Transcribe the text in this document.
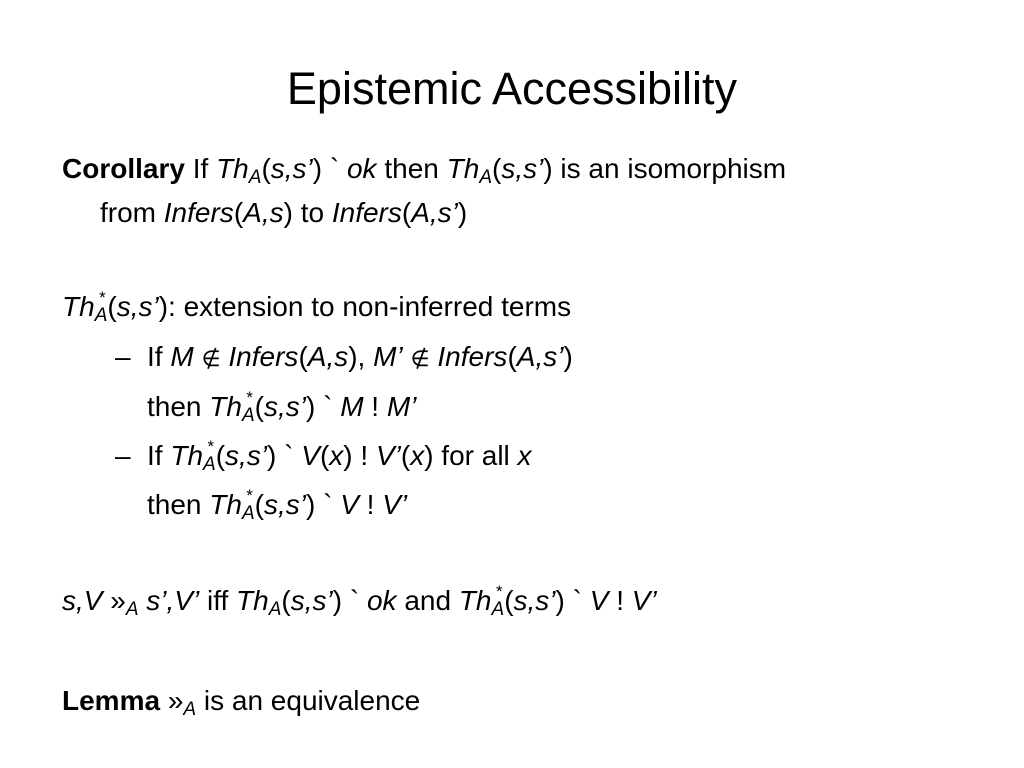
Epistemic Accessibility
Corollary If $Th_A(s,s’)$ ` ok then $Th_A(s,s’)$ is an isomorphism
from Infers(A,s) to Infers(A,s’)
$Th_A^*(s,s’)$: extension to non-inferred terms
– If M ∉ Infers(A,s), M’ ∉ Infers(A,s’)
then $Th_A^*(s,s’)$ ` M ! M’
– If $Th_A^*(s,s’)$ ` V(x) ! V’(x) for all x
then $Th_A^*(s,s’)$ ` V ! V’
s,V $»_A$ s’,V’ iff $Th_A(s,s’)$ ` ok and $Th_A^*(s,s’)$ ` V ! V’
Lemma $»_A$ is an equivalence
